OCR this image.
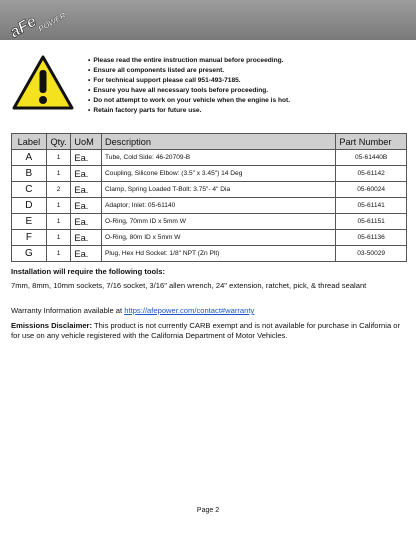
aFe
POWER
• Please read the entire instruction manual before proceeding.
• Ensure all components listed are present.
• For technical support please call 951-493-7185.
• Ensure you have all necessary tools before proceeding.
• Do not attempt to work on your vehicle when the engine is hot.
• Retain factory parts for future use.
Label	Qty.	UoM	Description	Part Number
A	1	Ea.	Tube, Cold Side: 46-20709-B	05-61440B
B	1	Ea.	Coupling, Silicone Elbow: (3.5" x 3.45") 14 Deg	05-61142
C	2	Ea.	Clamp, Spring Loaded T-Bolt: 3.75"- 4" Dia	05-60024
D	1	Ea.	Adaptor; Inlet: 05-61140	05-61141
E	1	Ea.	O-Ring, 70mm ID x 5mm W	05-61151
F	1	Ea.	O-Ring, 80m ID x 5mm W	05-61136
G	1	Ea.	Plug, Hex Hd Socket: 1/8" NPT (Zn Plt)	03-50029
Installation will require the following tools:
7mm, 8mm, 10mm sockets, 7/16 socket, 3/16" allen wrench, 24" extension, ratchet, pick, & thread sealant
Warranty Information available at https://afepower.com/contact#warranty
Emissions Disclaimer: This product is not currently CARB exempt and is not available for purchase in California or for use on any vehicle registered with the California Department of Motor Vehicles.
Page 2
